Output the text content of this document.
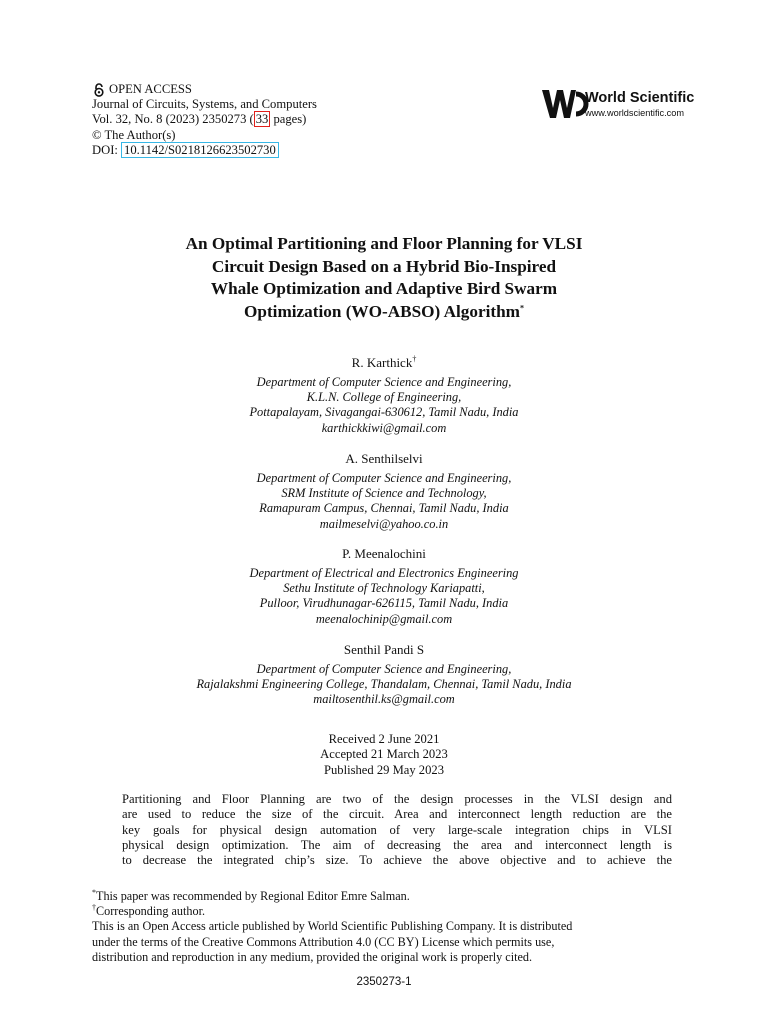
OPEN ACCESS
Journal of Circuits, Systems, and Computers
Vol. 32, No. 8 (2023) 2350273 ( 33 pages)
© The Author(s)
DOI: 10.1142/S0218126623502730
World Scientific
www.worldscientific.com
An Optimal Partitioning and Floor Planning for VLSI
Circuit Design Based on a Hybrid Bio-Inspired
Whale Optimization and Adaptive Bird Swarm
Optimization (WO-ABSO) Algorithm*
R. Karthick†
Department of Computer Science and Engineering,
K.L.N. College of Engineering,
Pottapalayam, Sivagangai-630612, Tamil Nadu, India
karthickkiwi@gmail.com
A. Senthilselvi
Department of Computer Science and Engineering,
SRM Institute of Science and Technology,
Ramapuram Campus, Chennai, Tamil Nadu, India
mailmeselvi@yahoo.co.in
P. Meenalochini
Department of Electrical and Electronics Engineering
Sethu Institute of Technology Kariapatti,
Pulloor, Virudhunagar-626115, Tamil Nadu, India
meenalochinip@gmail.com
Senthil Pandi S
Department of Computer Science and Engineering,
Rajalakshmi Engineering College, Thandalam, Chennai, Tamil Nadu, India
mailtosenthil.ks@gmail.com
Received 2 June 2021
Accepted 21 March 2023
Published 29 May 2023
Partitioning and Floor Planning are two of the design processes in the VLSI design and
are used to reduce the size of the circuit. Area and interconnect length reduction are the
key goals for physical design automation of very large-scale integration chips in VLSI
physical design optimization. The aim of decreasing the area and interconnect length is
to decrease the integrated chip’s size. To achieve the above objective and to achieve the
*This paper was recommended by Regional Editor Emre Salman.
†Corresponding author.
This is an Open Access article published by World Scientific Publishing Company. It is distributed
under the terms of the Creative Commons Attribution 4.0 (CC BY) License which permits use,
distribution and reproduction in any medium, provided the original work is properly cited.
2350273-1
